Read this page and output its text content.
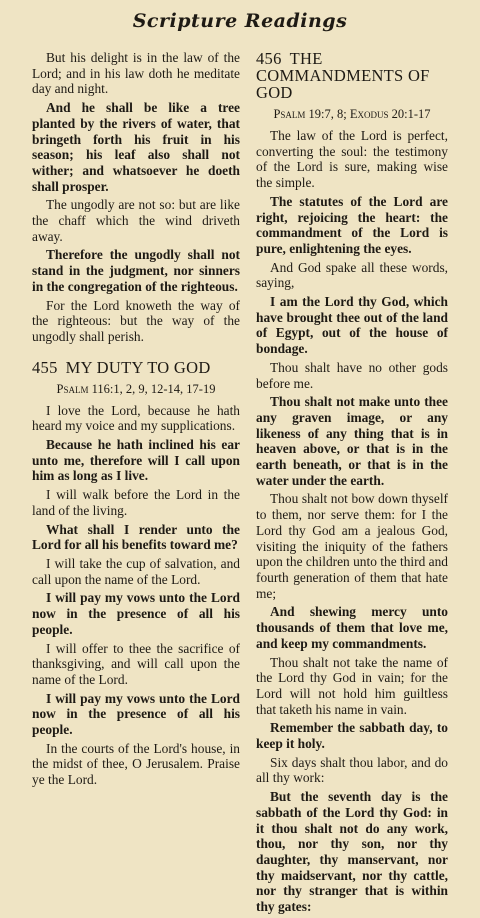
Scripture Readings

But his delight is in the law of the Lord; and in his law doth he meditate day and night.

And he shall be like a tree planted by the rivers of water, that bringeth forth his fruit in his season; his leaf also shall not wither; and whatsoever he doeth shall prosper.

The ungodly are not so: but are like the chaff which the wind driveth away.

Therefore the ungodly shall not stand in the judgment, nor sinners in the congregation of the righteous.

For the Lord knoweth the way of the righteous: but the way of the ungodly shall perish.

455 MY DUTY TO GOD
Psalm 116:1, 2, 9, 12-14, 17-19

I love the Lord, because he hath heard my voice and my supplications.

Because he hath inclined his ear unto me, therefore will I call upon him as long as I live.

I will walk before the Lord in the land of the living.

What shall I render unto the Lord for all his benefits toward me?

I will take the cup of salvation, and call upon the name of the Lord.

I will pay my vows unto the Lord now in the presence of all his people.

I will offer to thee the sacrifice of thanksgiving, and will call upon the name of the Lord.

I will pay my vows unto the Lord now in the presence of all his people.

In the courts of the Lord's house, in the midst of thee, O Jerusalem. Praise ye the Lord.

456 THE COMMANDMENTS OF GOD
Psalm 19:7, 8; Exodus 20:1-17

The law of the Lord is perfect, converting the soul: the testimony of the Lord is sure, making wise the simple.

The statutes of the Lord are right, rejoicing the heart: the commandment of the Lord is pure, enlightening the eyes.

And God spake all these words, saying,

I am the Lord thy God, which have brought thee out of the land of Egypt, out of the house of bondage.

Thou shalt have no other gods before me.

Thou shalt not make unto thee any graven image, or any likeness of any thing that is in heaven above, or that is in the earth beneath, or that is in the water under the earth.

Thou shalt not bow down thyself to them, nor serve them: for I the Lord thy God am a jealous God, visiting the iniquity of the fathers upon the children unto the third and fourth generation of them that hate me;

And shewing mercy unto thousands of them that love me, and keep my commandments.

Thou shalt not take the name of the Lord thy God in vain; for the Lord will not hold him guiltless that taketh his name in vain.

Remember the sabbath day, to keep it holy.

Six days shalt thou labor, and do all thy work:

But the seventh day is the sabbath of the Lord thy God: in it thou shalt not do any work, thou, nor thy son, nor thy daughter, thy manservant, nor thy maidservant, nor thy cattle, nor thy stranger that is within thy gates:
